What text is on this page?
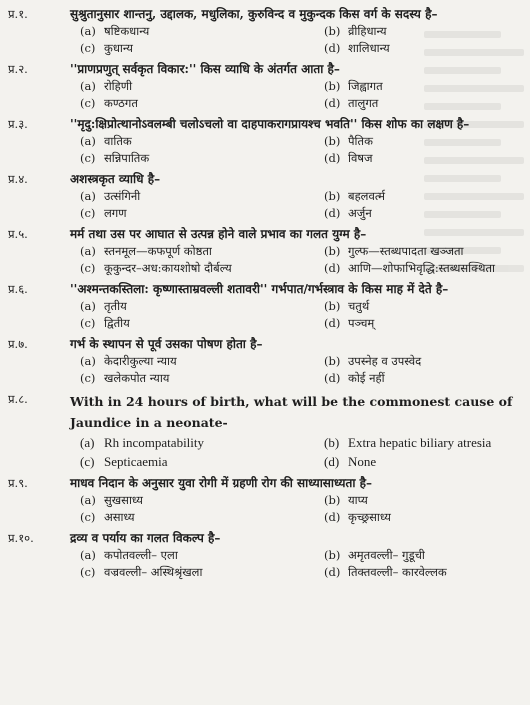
प्र.१.	सुश्रुतानुसार शान्तनु, उद्दालक, मधुलिका, कुरुविन्द व मुकुन्दक किस वर्ग के सदस्य है–
(a) षष्टिकधान्य	(b) व्रीहिधान्य
(c) कुधान्य	(d) शालिधान्य
प्र.२.	''प्राणप्रणुत् सर्वकृत विकार:'' किस व्याधि के अंतर्गत आता है–
(a) रोहिणी	(b) जिह्वागत
(c) कण्ठगत	(d) तालुगत
प्र.३.	''मृदु:क्षिप्रोत्थानोऽवलम्बी चलोऽचलो वा दाहपाकरागप्रायश्च भवति'' किस शोफ का लक्षण है–
(a) वातिक	(b) पैतिक
(c) सन्निपातिक	(d) विषज
प्र.४.	अशस्त्रकृत व्याधि है–
(a) उत्संगिनी	(b) बहलवर्त्म
(c) लगण	(d) अर्जुन
प्र.५.	मर्म तथा उस पर आघात से उत्पन्न होने वाले प्रभाव का गलत युग्म है–
(a) स्तनमूल—कफपूर्ण कोष्ठता	(b) गुल्फ—स्तब्धपादता खञ्जता
(c) कूकुन्दर–अध:कायशोषो दौर्बल्य	(d) आणि—शोफाभिवृद्धि:स्तब्धसक्थिता
प्र.६.	''अश्मन्तकस्तिला: कृष्णास्ताम्रवल्ली शतावरी'' गर्भपात/गर्भस्त्राव के किस माह में देते है–
(a) तृतीय	(b) चतुर्थ
(c) द्वितीय	(d) पञ्चम्
प्र.७.	गर्भ के स्थापन से पूर्व उसका पोषण होता है–
(a) केदारीकुल्या न्याय	(b) उपस्नेह व उपस्वेद
(c) खलेकपोत न्याय	(d) कोई नहीं
प्र.८.	With in 24 hours of birth, what will be the commonest cause of Jaundice in a neonate-
(a) Rh incompatability	(b) Extra hepatic biliary atresia
(c) Septicaemia	(d) None
प्र.९.	माधव निदान के अनुसार युवा रोगी में ग्रहणी रोग की साध्यासाध्यता है–
(a) सुखसाध्य	(b) याप्य
(c) असाध्य	(d) कृच्छ्रसाध्य
प्र.१०.	द्रव्य व पर्याय का गलत विकल्प है–
(a) कपोतवल्ली– एला	(b) अमृतवल्ली– गुडूची
(c) वज्रवल्ली– अस्थिश्रृंखला	(d) तिक्तवल्ली– कारवेल्लक
